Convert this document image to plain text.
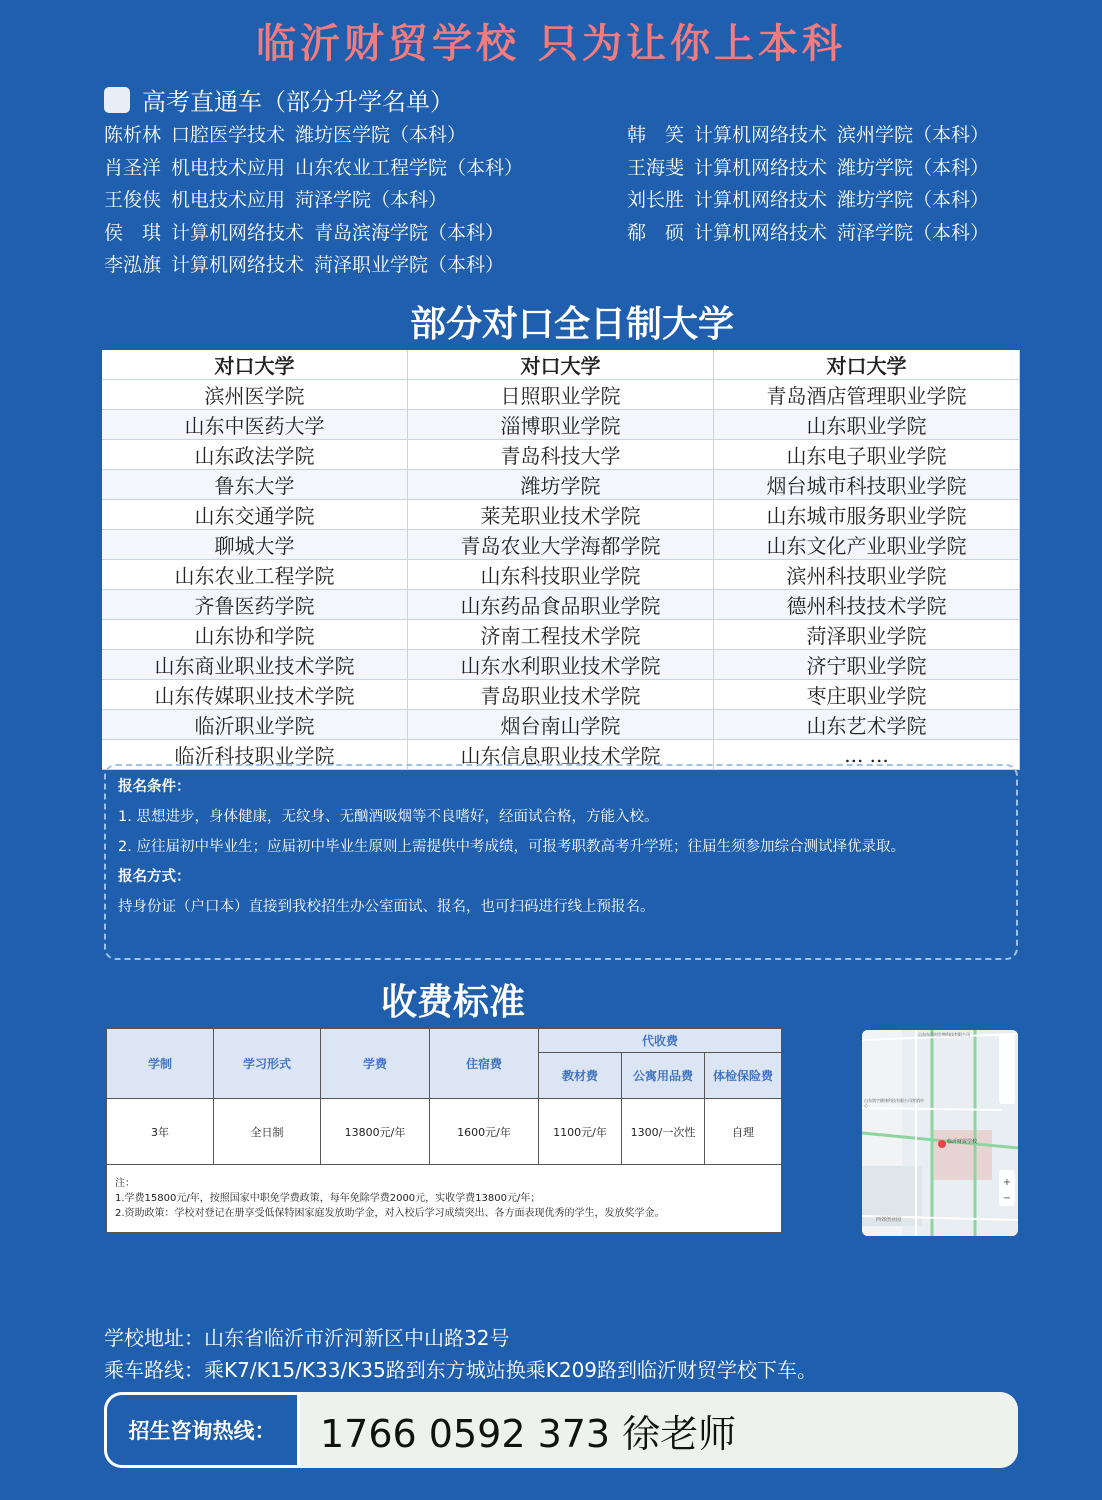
临沂财贸学校 只为让你上本科
高考直通车（部分升学名单）
陈析林 口腔医学技术 潍坊医学院（本科）
肖圣洋 机电技术应用 山东农业工程学院（本科）
王俊侠 机电技术应用 菏泽学院（本科）
侯　琪 计算机网络技术 青岛滨海学院（本科）
李泓旗 计算机网络技术 菏泽职业学院（本科）
韩　笑 计算机网络技术 滨州学院（本科）
王海斐 计算机网络技术 潍坊学院（本科）
刘长胜 计算机网络技术 潍坊学院（本科）
郗　硕 计算机网络技术 菏泽学院（本科）
部分对口全日制大学
对口大学	对口大学	对口大学
滨州医学院	日照职业学院	青岛酒店管理职业学院
山东中医药大学	淄博职业学院	山东职业学院
山东政法学院	青岛科技大学	山东电子职业学院
鲁东大学	潍坊学院	烟台城市科技职业学院
山东交通学院	莱芜职业技术学院	山东城市服务职业学院
聊城大学	青岛农业大学海都学院	山东文化产业职业学院
山东农业工程学院	山东科技职业学院	滨州科技职业学院
齐鲁医药学院	山东药品食品职业学院	德州科技技术学院
山东协和学院	济南工程技术学院	菏泽职业学院
山东商业职业技术学院	山东水利职业技术学院	济宁职业学院
山东传媒职业技术学院	青岛职业技术学院	枣庄职业学院
临沂职业学院	烟台南山学院	山东艺术学院
临沂科技职业学院	山东信息职业技术学院	... ...
报名条件：
1. 思想进步，身体健康，无纹身、无酗酒吸烟等不良嗜好，经面试合格，方能入校。
2. 应往届初中毕业生；应届初中毕业生原则上需提供中考成绩，可报考职教高考升学班；往届生须参加综合测试择优录取。
报名方式：
持身份证（户口本）直接到我校招生办公室面试、报名，也可扫码进行线上预报名。
收费标准
学制	学习形式	学费	住宿费	代收费		
				教材费	公寓用品费	体检保险费
3年	全日制	13800元/年	1600元/年	1100元/年	1300/一次性	自理

注：
1.学费15800元/年，按照国家中职免学费政策，每年免除学费2000元，实收学费13800元/年；
2.资助政策：学校对登记在册享受低保特困家庭发放助学金，对入校后学习成绩突出、各方面表现优秀的学生，发放奖学金。						
+
−
临沂财贸学校
山东东美村生物科技有限公司
山东润宇健康科技有限公司营销中心
西郊创业园
学校地址：山东省临沂市沂河新区中山路32号
乘车路线：乘K7/K15/K33/K35路到东方城站换乘K209路到临沂财贸学校下车。
招生咨询热线：	1766 0592 373 徐老师
